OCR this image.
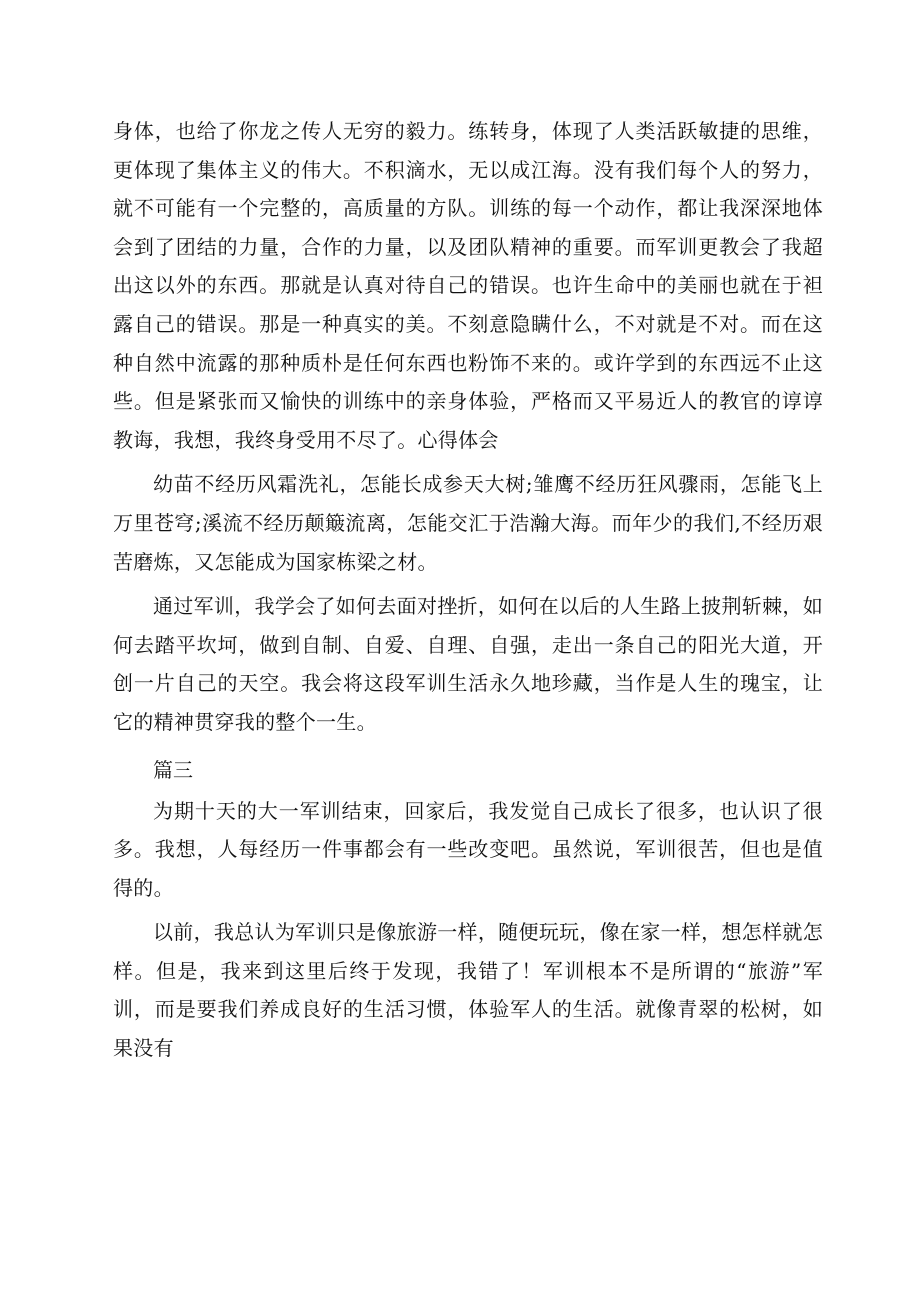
身体，也给了你龙之传人无穷的毅力。练转身，体现了人类活跃敏捷的思维，更体现了集体主义的伟大。不积滴水，无以成江海。没有我们每个人的努力，就不可能有一个完整的，高质量的方队。训练的每一个动作，都让我深深地体会到了团结的力量，合作的力量，以及团队精神的重要。而军训更教会了我超出这以外的东西。那就是认真对待自己的错误。也许生命中的美丽也就在于袒露自己的错误。那是一种真实的美。不刻意隐瞒什么，不对就是不对。而在这种自然中流露的那种质朴是任何东西也粉饰不来的。或许学到的东西远不止这些。但是紧张而又愉快的训练中的亲身体验，严格而又平易近人的教官的谆谆教诲，我想，我终身受用不尽了。心得体会

幼苗不经历风霜洗礼，怎能长成参天大树;雏鹰不经历狂风骤雨，怎能飞上万里苍穹;溪流不经历颠簸流离，怎能交汇于浩瀚大海。而年少的我们,不经历艰苦磨炼，又怎能成为国家栋梁之材。

通过军训，我学会了如何去面对挫折，如何在以后的人生路上披荆斩棘，如何去踏平坎坷，做到自制、自爱、自理、自强，走出一条自己的阳光大道，开创一片自己的天空。我会将这段军训生活永久地珍藏，当作是人生的瑰宝，让它的精神贯穿我的整个一生。

篇三

为期十天的大一军训结束，回家后，我发觉自己成长了很多，也认识了很多。我想，人每经历一件事都会有一些改变吧。虽然说，军训很苦，但也是值得的。

以前，我总认为军训只是像旅游一样，随便玩玩，像在家一样，想怎样就怎样。但是，我来到这里后终于发现，我错了！军训根本不是所谓的“旅游”军训，而是要我们养成良好的生活习惯，体验军人的生活。就像青翠的松树，如果没有
